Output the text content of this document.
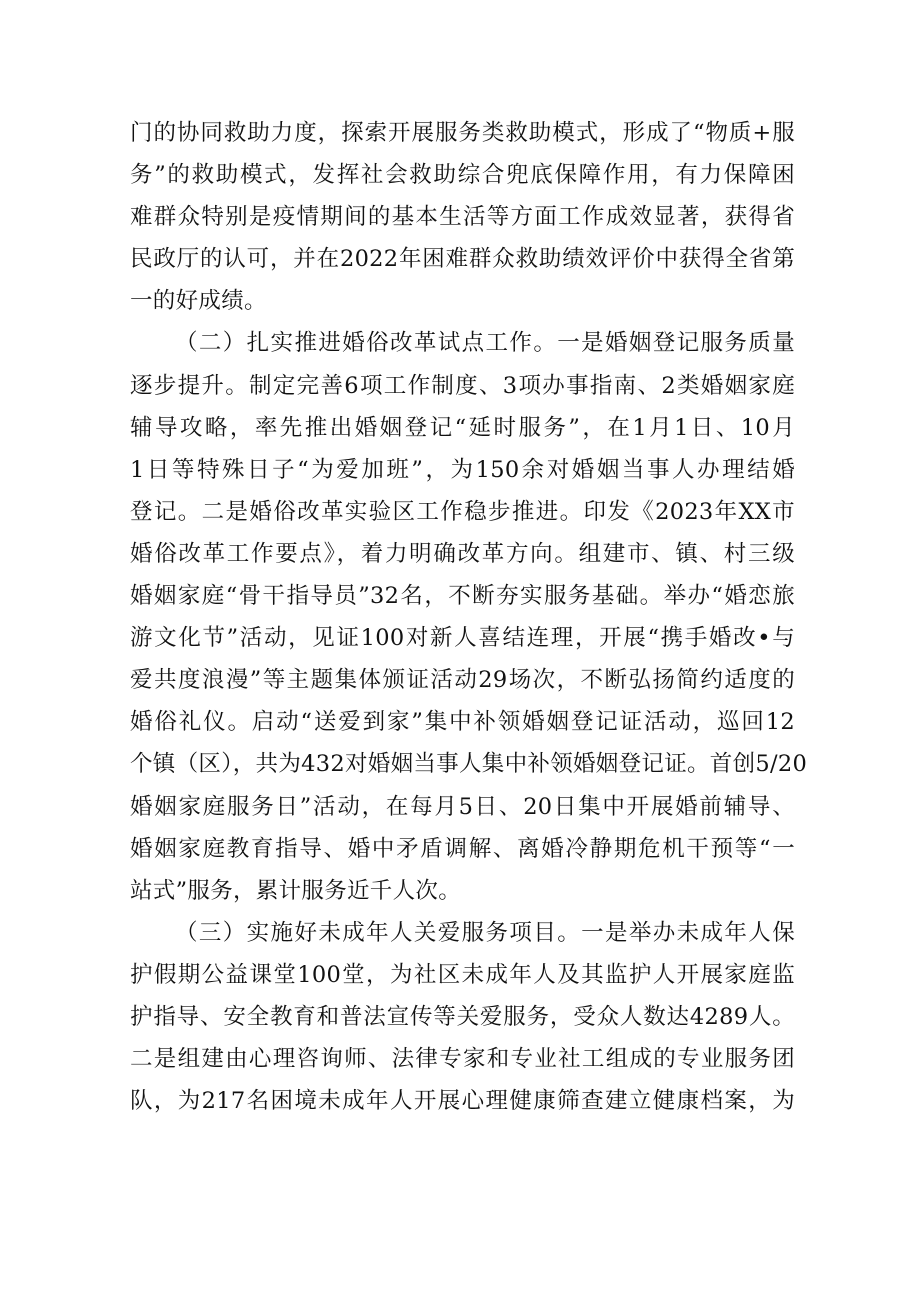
门的协同救助力度，探索开展服务类救助模式，形成了“物质+服
务”的救助模式，发挥社会救助综合兜底保障作用，有力保障困
难群众特别是疫情期间的基本生活等方面工作成效显著，获得省
民政厅的认可，并在2022年困难群众救助绩效评价中获得全省第
一的好成绩。
（二）扎实推进婚俗改革试点工作。一是婚姻登记服务质量
逐步提升。制定完善6项工作制度、3项办事指南、2类婚姻家庭
辅导攻略，率先推出婚姻登记“延时服务”，在1月1日、10月
1日等特殊日子“为爱加班”，为150余对婚姻当事人办理结婚
登记。二是婚俗改革实验区工作稳步推进。印发《2023年XX市
婚俗改革工作要点》，着力明确改革方向。组建市、镇、村三级
婚姻家庭“骨干指导员”32名，不断夯实服务基础。举办“婚恋旅
游文化节”活动，见证100对新人喜结连理，开展“携手婚改•与
爱共度浪漫”等主题集体颁证活动29场次，不断弘扬简约适度的
婚俗礼仪。启动“送爱到家”集中补领婚姻登记证活动，巡回12
个镇（区），共为432对婚姻当事人集中补领婚姻登记证。首创5/20
婚姻家庭服务日”活动，在每月5日、20日集中开展婚前辅导、
婚姻家庭教育指导、婚中矛盾调解、离婚冷静期危机干预等“一
站式”服务，累计服务近千人次。
（三）实施好未成年人关爱服务项目。一是举办未成年人保
护假期公益课堂100堂，为社区未成年人及其监护人开展家庭监
护指导、安全教育和普法宣传等关爱服务，受众人数达4289人。
二是组建由心理咨询师、法律专家和专业社工组成的专业服务团
队，为217名困境未成年人开展心理健康筛查建立健康档案，为
